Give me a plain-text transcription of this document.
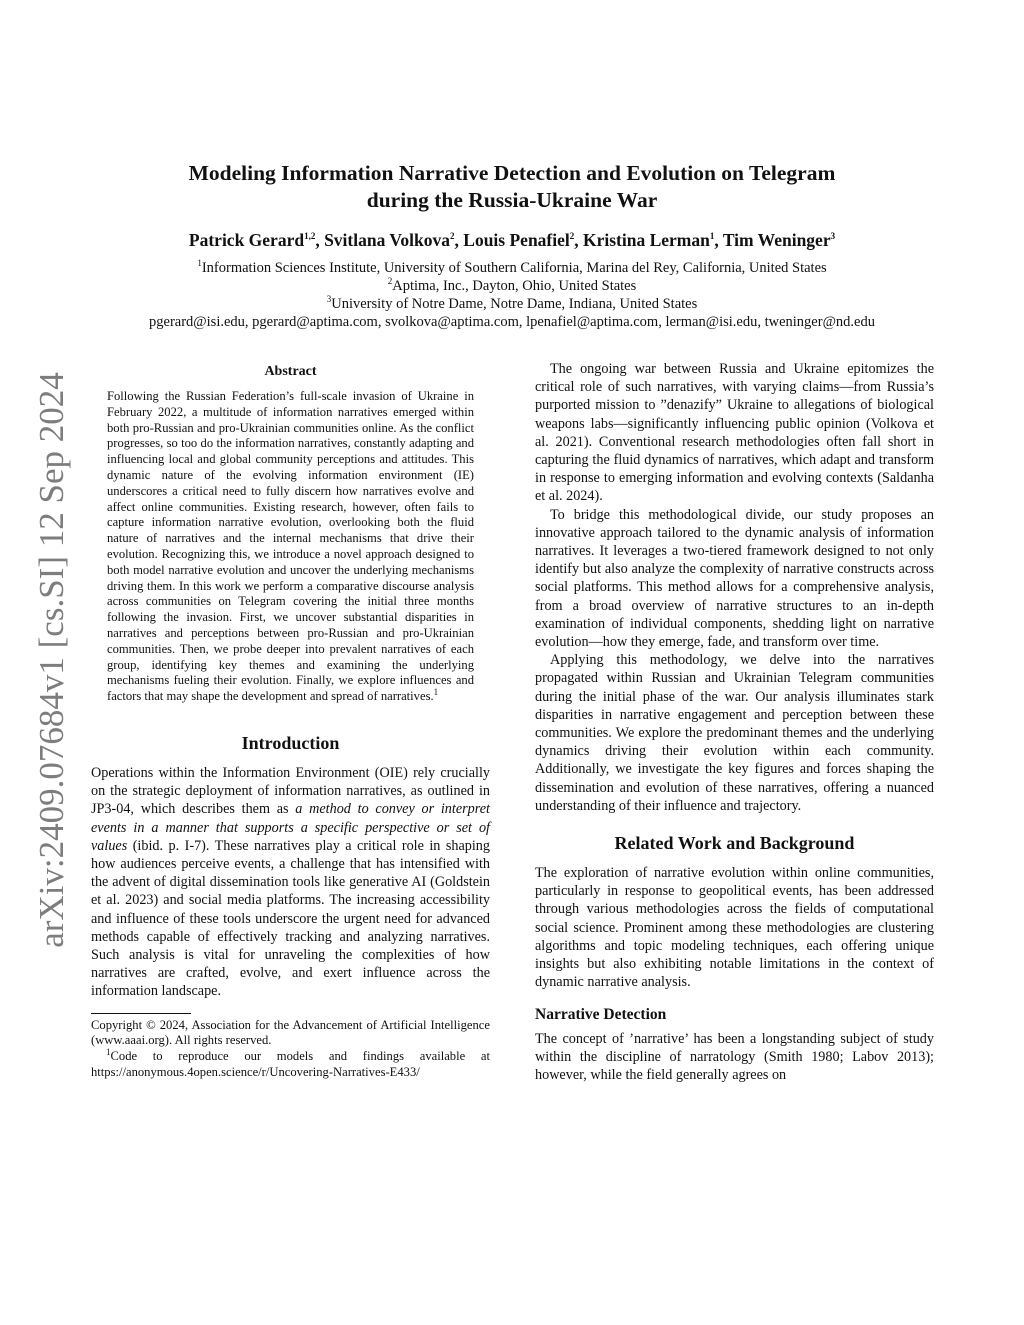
arXiv:2409.07684v1 [cs.SI] 12 Sep 2024
Modeling Information Narrative Detection and Evolution on Telegram
during the Russia-Ukraine War
Patrick Gerard$^{1,2}$, Svitlana Volkova$^2$, Louis Penafiel$^2$, Kristina Lerman$^1$, Tim Weninger$^3$
$^1$Information Sciences Institute, University of Southern California, Marina del Rey, California, United States
$^2$Aptima, Inc., Dayton, Ohio, United States
$^3$University of Notre Dame, Notre Dame, Indiana, United States
pgerard@isi.edu, pgerard@aptima.com, svolkova@aptima.com, lpenafiel@aptima.com, lerman@isi.edu, tweninger@nd.edu
Abstract

Following the Russian Federation’s full-scale invasion of Ukraine in February 2022, a multitude of information narratives emerged within both pro-Russian and pro-Ukrainian communities online. As the conflict progresses, so too do the information narratives, constantly adapting and influencing local and global community perceptions and attitudes. This dynamic nature of the evolving information environment (IE) underscores a critical need to fully discern how narratives evolve and affect online communities. Existing research, however, often fails to capture information narrative evolution, overlooking both the fluid nature of narratives and the internal mechanisms that drive their evolution. Recognizing this, we introduce a novel approach designed to both model narrative evolution and uncover the underlying mechanisms driving them. In this work we perform a comparative discourse analysis across communities on Telegram covering the initial three months following the invasion. First, we uncover substantial disparities in narratives and perceptions between pro-Russian and pro-Ukrainian communities. Then, we probe deeper into prevalent narratives of each group, identifying key themes and examining the underlying mechanisms fueling their evolution. Finally, we explore influences and factors that may shape the development and spread of narratives.$^1$

Introduction

Operations within the Information Environment (OIE) rely crucially on the strategic deployment of information narratives, as outlined in JP3-04, which describes them as a method to convey or interpret events in a manner that supports a specific perspective or set of values (ibid. p. I-7). These narratives play a critical role in shaping how audiences perceive events, a challenge that has intensified with the advent of digital dissemination tools like generative AI (Goldstein et al. 2023) and social media platforms. The increasing accessibility and influence of these tools underscore the urgent need for advanced methods capable of effectively tracking and analyzing narratives. Such analysis is vital for unraveling the complexities of how narratives are crafted, evolve, and exert influence across the information landscape.

Copyright © 2024, Association for the Advancement of Artificial Intelligence (www.aaai.org). All rights reserved.

$^1$Code to reproduce our models and findings available at https://anonymous.4open.science/r/Uncovering-Narratives-E433/

The ongoing war between Russia and Ukraine epitomizes the critical role of such narratives, with varying claims—from Russia’s purported mission to ”denazify” Ukraine to allegations of biological weapons labs—significantly influencing public opinion (Volkova et al. 2021). Conventional research methodologies often fall short in capturing the fluid dynamics of narratives, which adapt and transform in response to emerging information and evolving contexts (Saldanha et al. 2024).

To bridge this methodological divide, our study proposes an innovative approach tailored to the dynamic analysis of information narratives. It leverages a two-tiered framework designed to not only identify but also analyze the complexity of narrative constructs across social platforms. This method allows for a comprehensive analysis, from a broad overview of narrative structures to an in-depth examination of individual components, shedding light on narrative evolution—how they emerge, fade, and transform over time.

Applying this methodology, we delve into the narratives propagated within Russian and Ukrainian Telegram communities during the initial phase of the war. Our analysis illuminates stark disparities in narrative engagement and perception between these communities. We explore the predominant themes and the underlying dynamics driving their evolution within each community. Additionally, we investigate the key figures and forces shaping the dissemination and evolution of these narratives, offering a nuanced understanding of their influence and trajectory.

Related Work and Background

The exploration of narrative evolution within online communities, particularly in response to geopolitical events, has been addressed through various methodologies across the fields of computational social science. Prominent among these methodologies are clustering algorithms and topic modeling techniques, each offering unique insights but also exhibiting notable limitations in the context of dynamic narrative analysis.

Narrative Detection

The concept of ’narrative’ has been a longstanding subject of study within the discipline of narratology (Smith 1980; Labov 2013); however, while the field generally agrees on
